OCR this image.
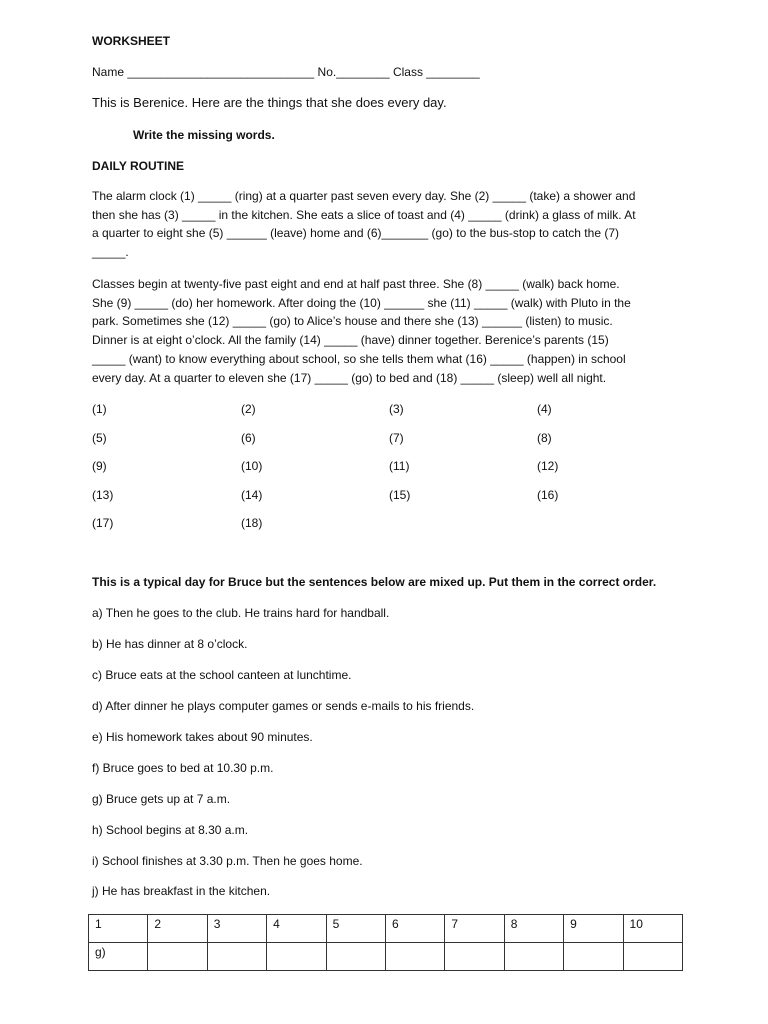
WORKSHEET
Name ____________________________ No.________ Class ________
This is Berenice. Here are the things that she does every day.
Write the missing words.
DAILY ROUTINE
The alarm clock (1) _____ (ring) at a quarter past seven every day. She (2) _____ (take) a shower and
then she has (3) _____ in the kitchen. She eats a slice of toast and (4) _____ (drink) a glass of milk. At
a quarter to eight she (5) ______ (leave) home and (6)_______ (go) to the bus-stop to catch the (7)
_____.
Classes begin at twenty-five past eight and end at half past three. She (8) _____ (walk) back home.
She (9) _____ (do) her homework. After doing the (10) ______ she (11) _____ (walk) with Pluto in the
park. Sometimes she (12) _____ (go) to Alice’s house and there she (13) ______ (listen) to music.
Dinner is at eight o’clock. All the family (14) _____ (have) dinner together. Berenice’s parents (15)
_____ (want) to know everything about school, so she tells them what (16) _____ (happen) in school
every day. At a quarter to eleven she (17) _____ (go) to bed and (18) _____ (sleep) well all night.
(1)	(2)	(3)	(4)
(5)	(6)	(7)	(8)
(9)	(10)	(11)	(12)
(13)	(14)	(15)	(16)
(17)	(18)
This is a typical day for Bruce but the sentences below are mixed up. Put them in the correct order.
a) Then he goes to the club. He trains hard for handball.
b) He has dinner at 8 o’clock.
c) Bruce eats at the school canteen at lunchtime.
d) After dinner he plays computer games or sends e-mails to his friends.
e) His homework takes about 90 minutes.
f) Bruce goes to bed at 10.30 p.m.
g) Bruce gets up at 7 a.m.
h) School begins at 8.30 a.m.
i) School finishes at 3.30 p.m. Then he goes home.
j) He has breakfast in the kitchen.
1	2	3	4	5	6	7	8	9	10
g)									
